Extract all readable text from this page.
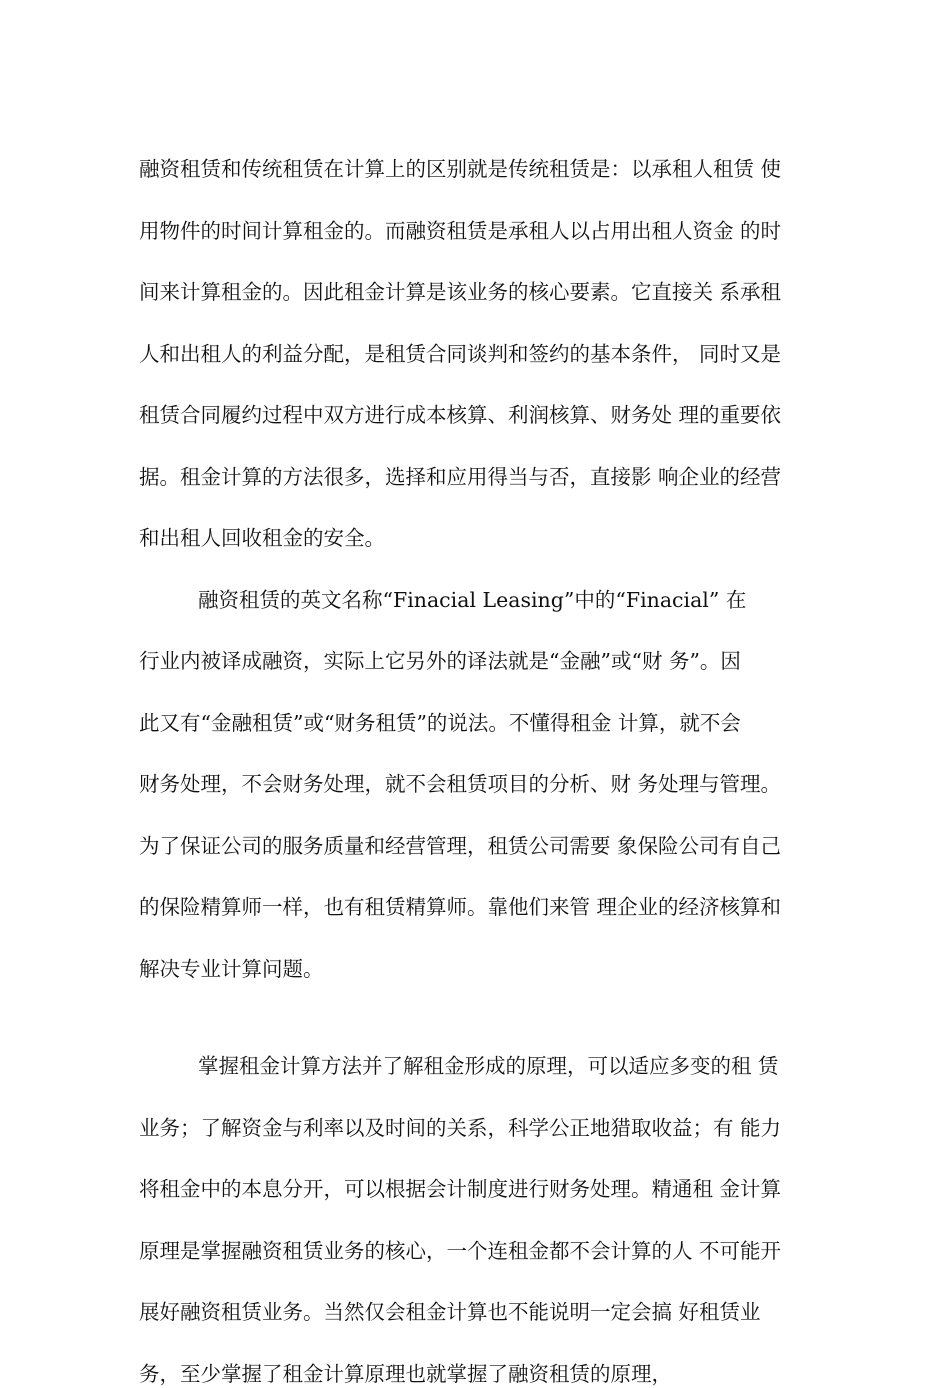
融资租赁和传统租赁在计算上的区别就是传统租赁是：以承租人租赁 使
用物件的时间计算租金的。而融资租赁是承租人以占用出租人资金 的时
间来计算租金的。因此租金计算是该业务的核心要素。它直接关 系承租
人和出租人的利益分配，是租赁合同谈判和签约的基本条件， 同时又是
租赁合同履约过程中双方进行成本核算、利润核算、财务处 理的重要依
据。租金计算的方法很多，选择和应用得当与否，直接影 响企业的经营
和出租人回收租金的安全。
融资租赁的英文名称“Finacial Leasing”中的“Finacial” 在
行业内被译成融资，实际上它另外的译法就是“金融”或“财 务”。因
此又有“金融租赁”或“财务租赁”的说法。不懂得租金 计算，就不会
财务处理，不会财务处理，就不会租赁项目的分析、财 务处理与管理。
为了保证公司的服务质量和经营管理，租赁公司需要 象保险公司有自己
的保险精算师一样，也有租赁精算师。靠他们来管 理企业的经济核算和
解决专业计算问题。
掌握租金计算方法并了解租金形成的原理，可以适应多变的租 赁
业务；了解资金与利率以及时间的关系，科学公正地猎取收益；有 能力
将租金中的本息分开，可以根据会计制度进行财务处理。精通租 金计算
原理是掌握融资租赁业务的核心，一个连租金都不会计算的人 不可能开
展好融资租赁业务。当然仅会租金计算也不能说明一定会搞 好租赁业
务，至少掌握了租金计算原理也就掌握了融资租赁的原理，
